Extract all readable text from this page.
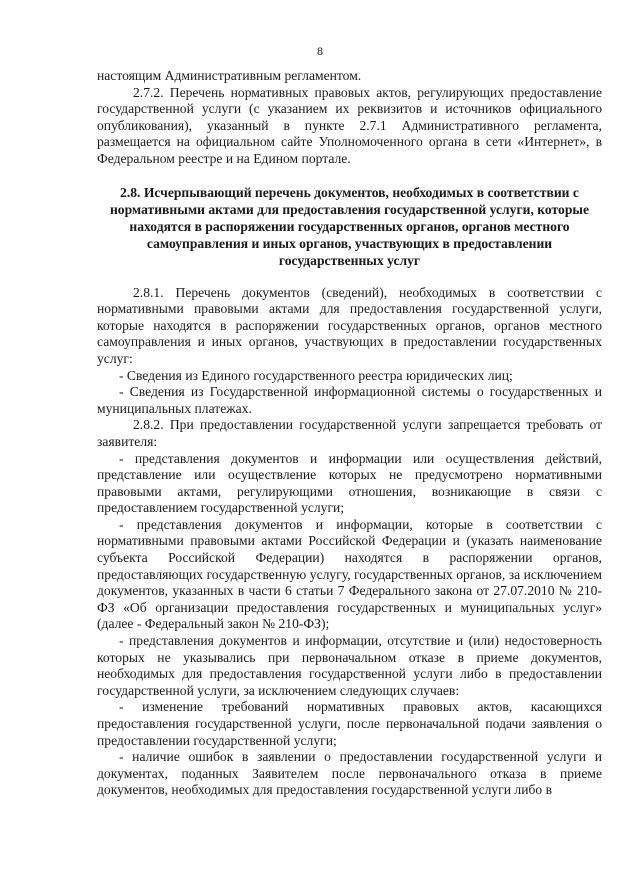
8

настоящим Административным регламентом.

2.7.2. Перечень нормативных правовых актов, регулирующих предоставление государственной услуги (с указанием их реквизитов и источников официального опубликования), указанный в пункте 2.7.1 Административного регламента, размещается на официальном сайте Уполномоченного органа в сети «Интернет», в Федеральном реестре и на Едином портале.

2.8. Исчерпывающий перечень документов, необходимых в соответствии с нормативными актами для предоставления государственной услуги, которые находятся в распоряжении государственных органов, органов местного самоуправления и иных органов, участвующих в предоставлении государственных услуг

2.8.1. Перечень документов (сведений), необходимых в соответствии с нормативными правовыми актами для предоставления государственной услуги, которые находятся в распоряжении государственных органов, органов местного самоуправления и иных органов, участвующих в предоставлении государственных услуг:

- Сведения из Единого государственного реестра юридических лиц;

- Сведения из Государственной информационной системы о государственных и муниципальных платежах.

2.8.2. При предоставлении государственной услуги запрещается требовать от заявителя:

- представления документов и информации или осуществления действий, представление или осуществление которых не предусмотрено нормативными правовыми актами, регулирующими отношения, возникающие в связи с предоставлением государственной услуги;

- представления документов и информации, которые в соответствии с нормативными правовыми актами Российской Федерации и (указать наименование субъекта Российской Федерации) находятся в распоряжении органов, предоставляющих государственную услугу, государственных органов, за исключением документов, указанных в части 6 статьи 7 Федерального закона от 27.07.2010 № 210-ФЗ «Об организации предоставления государственных и муниципальных услуг» (далее - Федеральный закон № 210-ФЗ);

- представления документов и информации, отсутствие и (или) недостоверность которых не указывались при первоначальном отказе в приеме документов, необходимых для предоставления государственной услуги либо в предоставлении государственной услуги, за исключением следующих случаев:

- изменение требований нормативных правовых актов, касающихся предоставления государственной услуги, после первоначальной подачи заявления о предоставлении государственной услуги;

- наличие ошибок в заявлении о предоставлении государственной услуги и документах, поданных Заявителем после первоначального отказа в приеме документов, необходимых для предоставления государственной услуги либо в
